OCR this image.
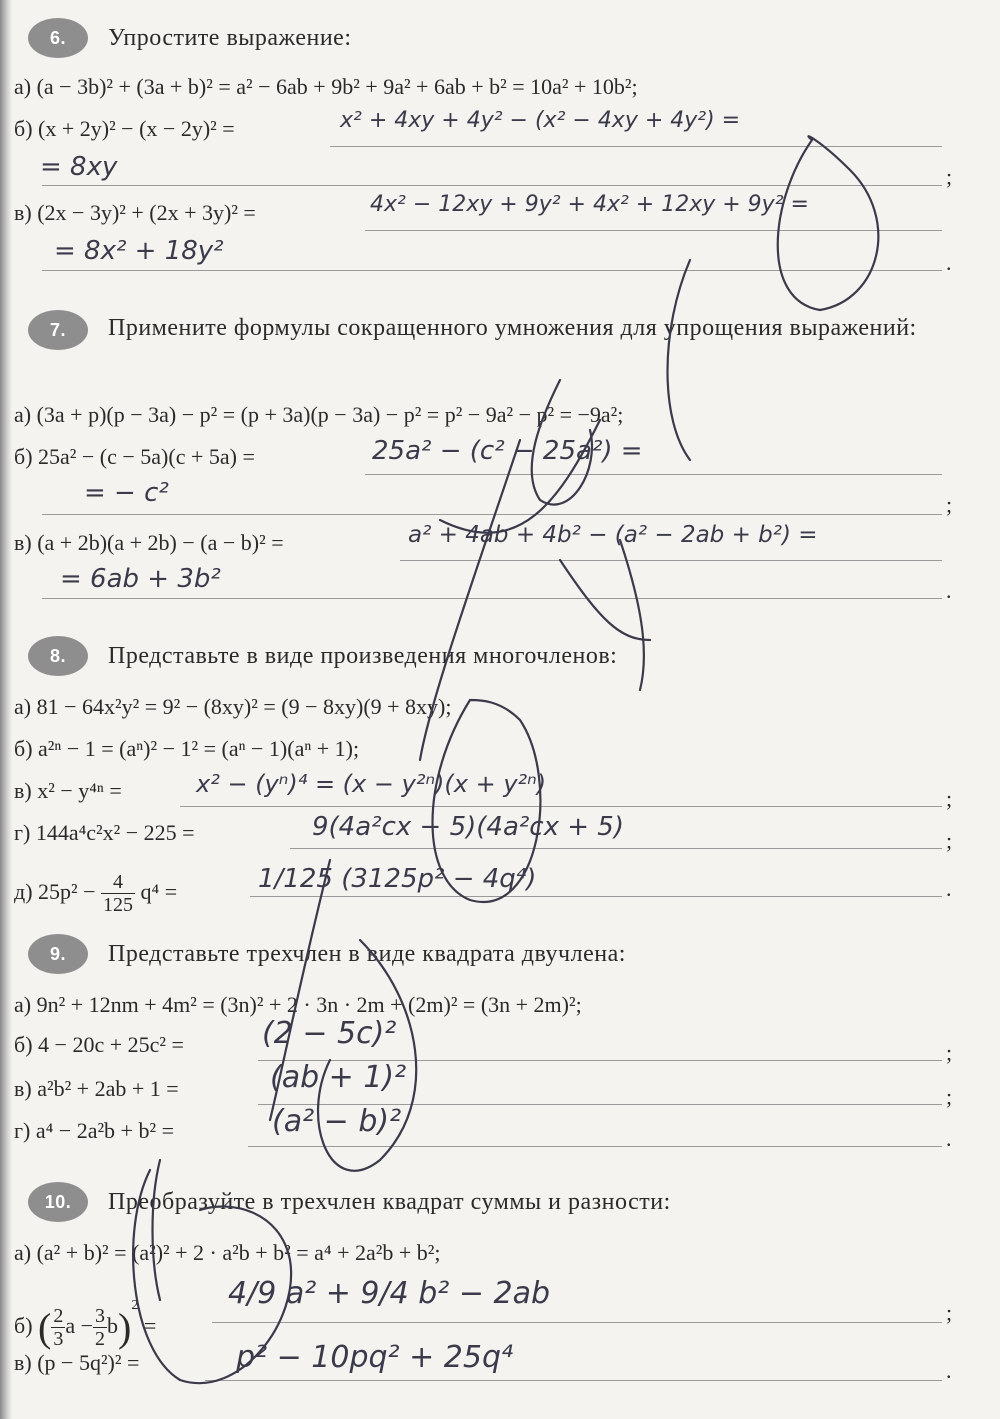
6.	Упростите выражение:
а) (a − 3b)² + (3a + b)² = a² − 6ab + 9b² + 9a² + 6ab + b² = 10a² + 10b²;
б) (x + 2y)² − (x − 2y)² =	x² + 4xy + 4y² − (x² − 4xy + 4y²) =
= 8xy	;
в) (2x − 3y)² + (2x + 3y)² =	4x² − 12xy + 9y² + 4x² + 12xy + 9y² =
= 8x² + 18y²	.
7.	Примените формулы сокращенного умножения для упрощения выражений:
а) (3a + p)(p − 3a) − p² = (p + 3a)(p − 3a) − p² = p² − 9a² − p² = −9a²;
б) 25a² − (c − 5a)(c + 5a) =	25a² − (c² − 25a²) =
= − c²	;
в) (a + 2b)(a + 2b) − (a − b)² =	a² + 4ab + 4b² − (a² − 2ab + b²) =
= 6ab + 3b²	.
8.	Представьте в виде произведения многочленов:
а) 81 − 64x²y² = 9² − (8xy)² = (9 − 8xy)(9 + 8xy);
б) a²ⁿ − 1 = (aⁿ)² − 1² = (aⁿ − 1)(aⁿ + 1);
в) x² − y⁴ⁿ =	x² − (yⁿ)⁴ = (x − y²ⁿ)(x + y²ⁿ)
;
г) 144a⁴c²x² − 225 =	9(4a²cx − 5)(4a²cx + 5)	;
д) $25p^2 - \frac{4}{125} q^4$ =	1/125 (3125p² − 4q⁴)	.
9.	Представьте трехчлен в виде квадрата двучлена:
а) 9n² + 12nm + 4m² = (3n)² + 2 · 3n · 2m + (2m)² = (3n + 2m)²;
б) 4 − 20c + 25c² =	(2 − 5c)²
;
в) a²b² + 2ab + 1 =	(ab + 1)²
;
г) a⁴ − 2a²b + b² =	(a² − b)²	.
10.	Преобразуйте в трехчлен квадрат суммы и разности:
а) (a² + b)² = (a²)² + 2 · a²b + b² = a⁴ + 2a²b + b²;
б) ( $\frac{2}{3}$ $a - \frac{3}{2} b)^2$ =
4/9 a² + 9/4 b² − 2ab
;
в) (p − 5q²)² =	p² − 10pq² + 25q⁴	.
